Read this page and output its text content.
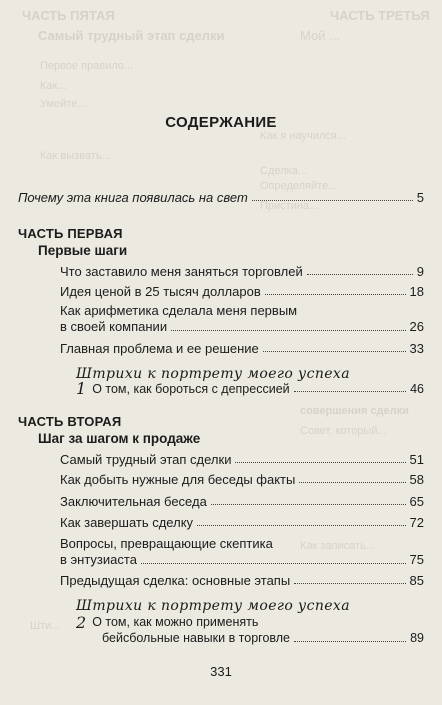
ЧАСТЬ ПЯТАЯ	ЧАСТЬ ТРЕТЬЯ
Самый трудный этап сделки	Мой ...
Первое правило...
Как...
Умейте...
Как вызвать...
Как я научился...
Сделка...
Определяйте...
Пристина...
совершения сделки
Совет, который...
Как записать...
Шти...
СОДЕРЖАНИЕ
Почему эта книга появилась на свет	5
ЧАСТЬ ПЕРВАЯ
Первые шаги
Что заставило меня заняться торговлей	9
Идея ценой в 25 тысяч долларов	18
Как арифметика сделала меня первым
в своей компании	26
Главная проблема и ее решение	33
Штрихи к портрету моего успеха
1 О том, как бороться с депрессией	46
ЧАСТЬ ВТОРАЯ
Шаг за шагом к продаже
Самый трудный этап сделки	51
Как добыть нужные для беседы факты	58
Заключительная беседа	65
Как завершать сделку	72
Вопросы, превращающие скептика
в энтузиаста	75
Предыдущая сделка: основные этапы	85
Штрихи к портрету моего успеха
2 О том, как можно применять
бейсбольные навыки в торговле	89
331
